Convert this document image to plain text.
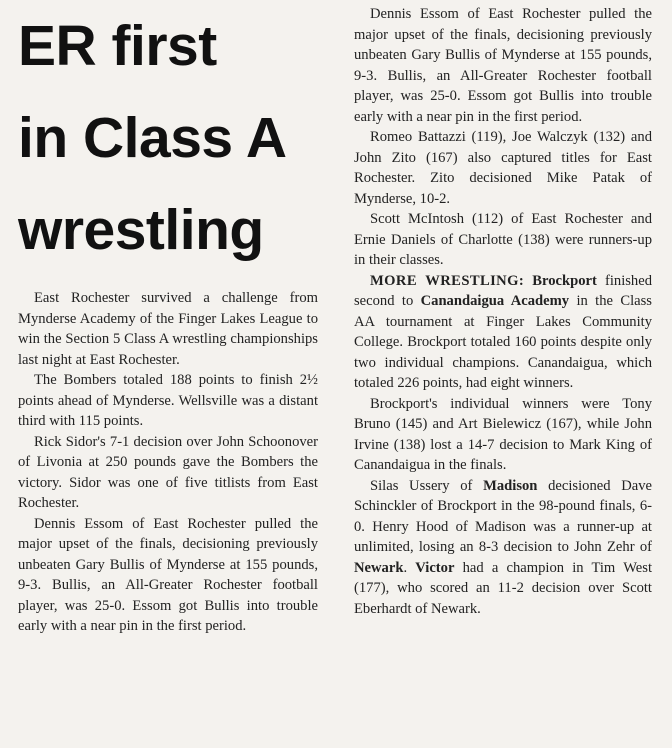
ER first
in Class A
wrestling

East Rochester survived a challenge from Mynderse Academy of the Finger Lakes League to win the Section 5 Class A wrestling championships last night at East Rochester.

The Bombers totaled 188 points to finish 2½ points ahead of Mynderse. Wellsville was a distant third with 115 points.

Rick Sidor's 7-1 decision over John Schoonover of Livonia at 250 pounds gave the Bombers the victory. Sidor was one of five titlists from East Rochester.

Dennis Essom of East Rochester pulled the major upset of the finals, decisioning previously unbeaten Gary Bullis of Mynderse at 155 pounds, 9-3. Bullis, an All-Greater Rochester football player, was 25-0. Essom got Bullis into trouble early with a near pin in the first period.

Dennis Essom of East Rochester pulled the major upset of the finals, decisioning previously unbeaten Gary Bullis of Mynderse at 155 pounds, 9-3. Bullis, an All-Greater Rochester football player, was 25-0. Essom got Bullis into trouble early with a near pin in the first period.

Romeo Battazzi (119), Joe Walczyk (132) and John Zito (167) also captured titles for East Rochester. Zito decisioned Mike Patak of Mynderse, 10-2.

Scott McIntosh (112) of East Rochester and Ernie Daniels of Charlotte (138) were runners-up in their classes.

MORE WRESTLING: Brockport finished second to Canandaigua Academy in the Class AA tournament at Finger Lakes Community College. Brockport totaled 160 points despite only two individual champions. Canandaigua, which totaled 226 points, had eight winners.

Brockport's individual winners were Tony Bruno (145) and Art Bielewicz (167), while John Irvine (138) lost a 14-7 decision to Mark King of Canandaigua in the finals.

Silas Ussery of Madison decisioned Dave Schinckler of Brockport in the 98-pound finals, 6-0. Henry Hood of Madison was a runner-up at unlimited, losing an 8-3 decision to John Zehr of Newark. Victor had a champion in Tim West (177), who scored an 11-2 decision over Scott Eberhardt of Newark.
